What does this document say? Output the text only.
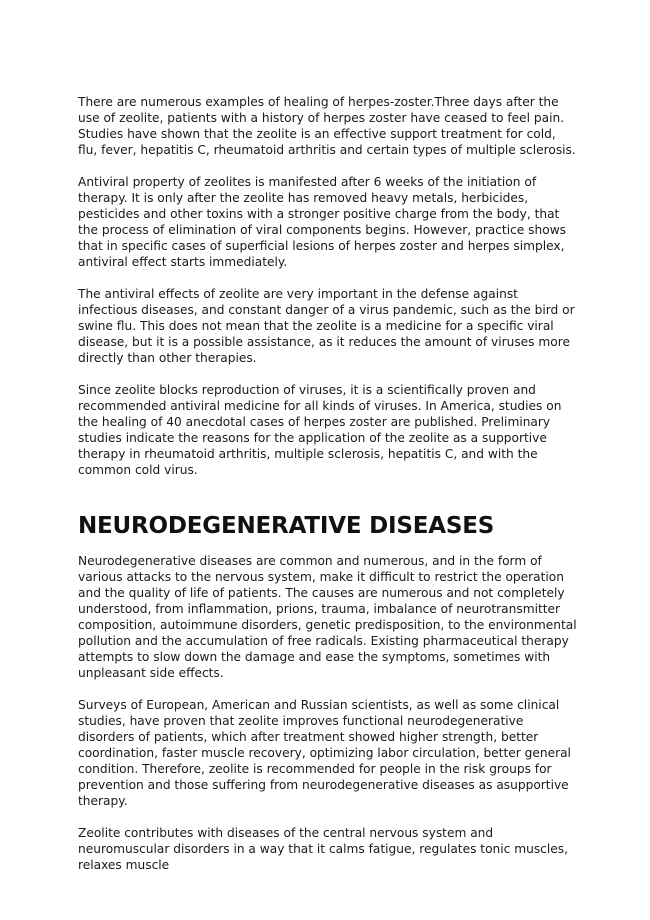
There are numerous examples of healing of herpes-zoster.Three days after the use of zeolite, patients with a history of herpes zoster have ceased to feel pain. Studies have shown that the zeolite is an effective support treatment for cold, flu, fever, hepatitis C, rheumatoid arthritis and certain types of multiple sclerosis.

Antiviral property of zeolites is manifested after 6 weeks of the initiation of therapy. It is only after the zeolite has removed heavy metals, herbicides, pesticides and other toxins with a stronger positive charge from the body, that the process of elimination of viral components begins. However, practice shows that in specific cases of superficial lesions of herpes zoster and herpes simplex, antiviral effect starts immediately.

The antiviral effects of zeolite are very important in the defense against infectious diseases, and constant danger of a virus pandemic, such as the bird or swine flu. This does not mean that the zeolite is a medicine for a specific viral disease, but it is a possible assistance, as it reduces the amount of viruses more directly than other therapies.

Since zeolite blocks reproduction of viruses, it is a scientifically proven and recommended antiviral medicine for all kinds of viruses. In America, studies on the healing of 40 anecdotal cases of herpes zoster are published. Preliminary studies indicate the reasons for the application of the zeolite as a supportive therapy in rheumatoid arthritis, multiple sclerosis, hepatitis C, and with the common cold virus.

NEURODEGENERATIVE DISEASES

Neurodegenerative diseases are common and numerous, and in the form of various attacks to the nervous system, make it difficult to restrict the operation and the quality of life of patients. The causes are numerous and not completely understood, from inflammation, prions, trauma, imbalance of neurotransmitter composition, autoimmune disorders, genetic predisposition, to the environmental pollution and the accumulation of free radicals. Existing pharmaceutical therapy attempts to slow down the damage and ease the symptoms, sometimes with unpleasant side effects.

Surveys of European, American and Russian scientists, as well as some clinical studies, have proven that zeolite improves functional neurodegenerative disorders of patients, which after treatment showed higher strength, better coordination, faster muscle recovery, optimizing labor circulation, better general condition. Therefore, zeolite is recommended for people in the risk groups for prevention and those suffering from neurodegenerative diseases as asupportive therapy.

Zeolite contributes with diseases of the central nervous system and neuromuscular disorders in a way that it calms fatigue, regulates tonic muscles, relaxes muscle
